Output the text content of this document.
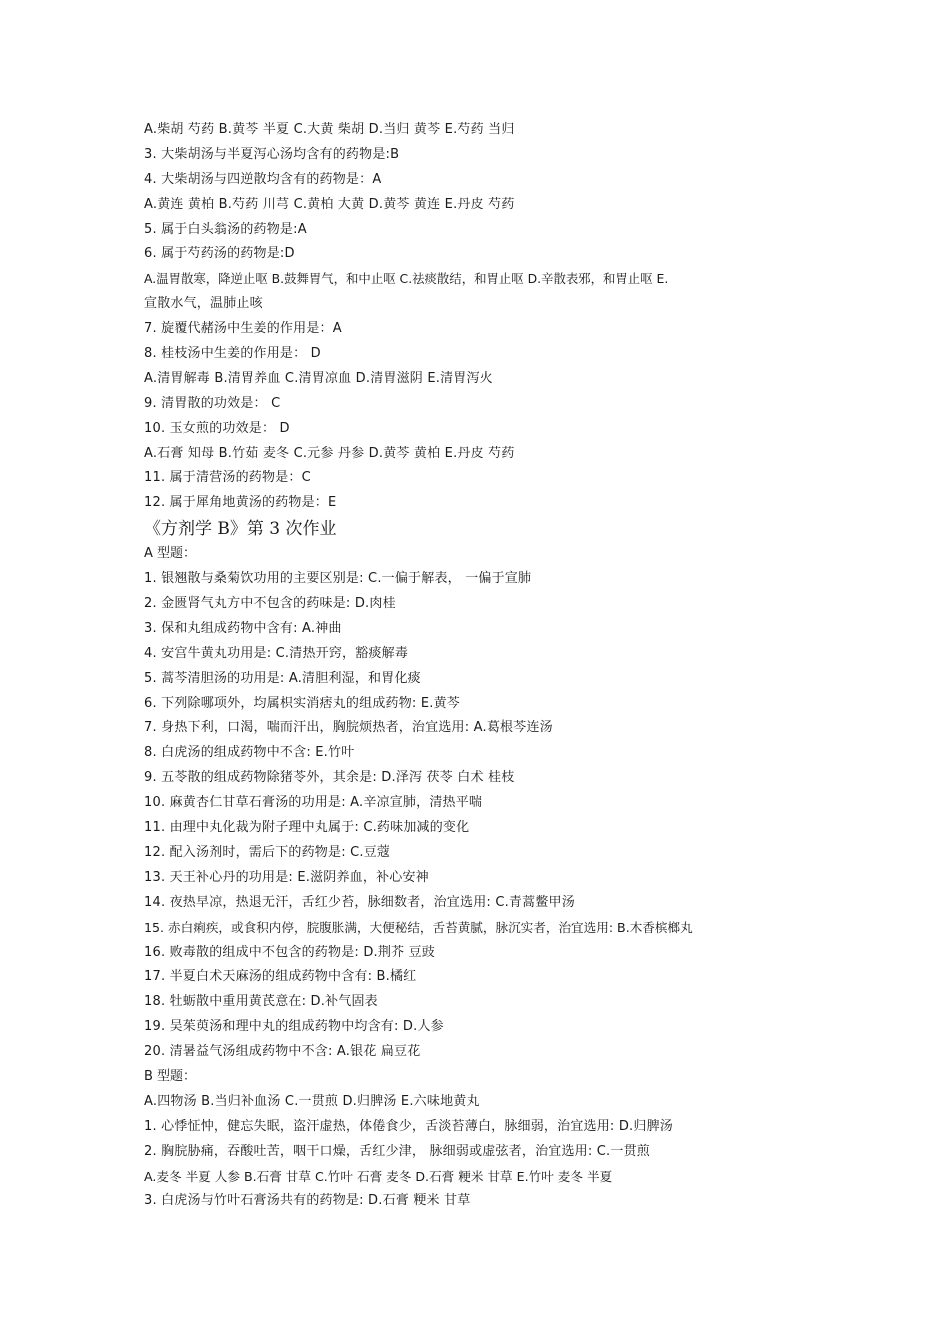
A.柴胡 芍药 B.黄芩 半夏 C.大黄 柴胡 D.当归 黄芩 E.芍药 当归
3. 大柴胡汤与半夏泻心汤均含有的药物是:B
4. 大柴胡汤与四逆散均含有的药物是：A
A.黄连 黄柏 B.芍药 川芎 C.黄柏 大黄 D.黄芩 黄连 E.丹皮 芍药
5. 属于白头翁汤的药物是:A
6. 属于芍药汤的药物是:D
A.温胃散寒，降逆止呕 B.鼓舞胃气，和中止呕 C.祛痰散结，和胃止呕 D.辛散表邪，和胃止呕 E.
宣散水气，温肺止咳
7. 旋覆代赭汤中生姜的作用是：A
8. 桂枝汤中生姜的作用是： D
A.清胃解毒 B.清胃养血 C.清胃凉血 D.清胃滋阴 E.清胃泻火
9. 清胃散的功效是： C
10. 玉女煎的功效是： D
A.石膏 知母 B.竹茹 麦冬 C.元参 丹参 D.黄芩 黄柏 E.丹皮 芍药
11. 属于清营汤的药物是：C
12. 属于犀角地黄汤的药物是：E
《方剂学 B》第 3 次作业
A 型题：
1. 银翘散与桑菊饮功用的主要区别是: C.一偏于解表， 一偏于宣肺
2. 金匮肾气丸方中不包含的药味是: D.肉桂
3. 保和丸组成药物中含有: A.神曲
4. 安宫牛黄丸功用是: C.清热开窍，豁痰解毒
5. 蒿芩清胆汤的功用是: A.清胆利湿，和胃化痰
6. 下列除哪项外，均属枳实消痞丸的组成药物: E.黄芩
7. 身热下利，口渴，喘而汗出，胸脘烦热者，治宜选用: A.葛根芩连汤
8. 白虎汤的组成药物中不含: E.竹叶
9. 五苓散的组成药物除猪苓外，其余是: D.泽泻 茯苓 白术 桂枝
10. 麻黄杏仁甘草石膏汤的功用是: A.辛凉宣肺，清热平喘
11. 由理中丸化裁为附子理中丸属于: C.药味加减的变化
12. 配入汤剂时，需后下的药物是: C.豆蔻
13. 天王补心丹的功用是: E.滋阴养血，补心安神
14. 夜热早凉，热退无汗，舌红少苔，脉细数者，治宜选用: C.青蒿鳖甲汤
15. 赤白痢疾，或食积内停，脘腹胀满，大便秘结，舌苔黄腻，脉沉实者，治宜选用: B.木香槟榔丸
16. 败毒散的组成中不包含的药物是: D.荆芥 豆豉
17. 半夏白术天麻汤的组成药物中含有: B.橘红
18. 牡蛎散中重用黄芪意在: D.补气固表
19. 吴茱萸汤和理中丸的组成药物中均含有: D.人参
20. 清暑益气汤组成药物中不含: A.银花 扁豆花
B 型题：
A.四物汤 B.当归补血汤 C.一贯煎 D.归脾汤 E.六味地黄丸
1. 心悸怔忡，健忘失眠，盗汗虚热，体倦食少，舌淡苔薄白，脉细弱，治宜选用: D.归脾汤
2. 胸脘胁痛，吞酸吐苦，咽干口燥，舌红少津， 脉细弱或虚弦者，治宜选用: C.一贯煎
A.麦冬 半夏 人参 B.石膏 甘草 C.竹叶 石膏 麦冬 D.石膏 粳米 甘草 E.竹叶 麦冬 半夏
3. 白虎汤与竹叶石膏汤共有的药物是: D.石膏 粳米 甘草
